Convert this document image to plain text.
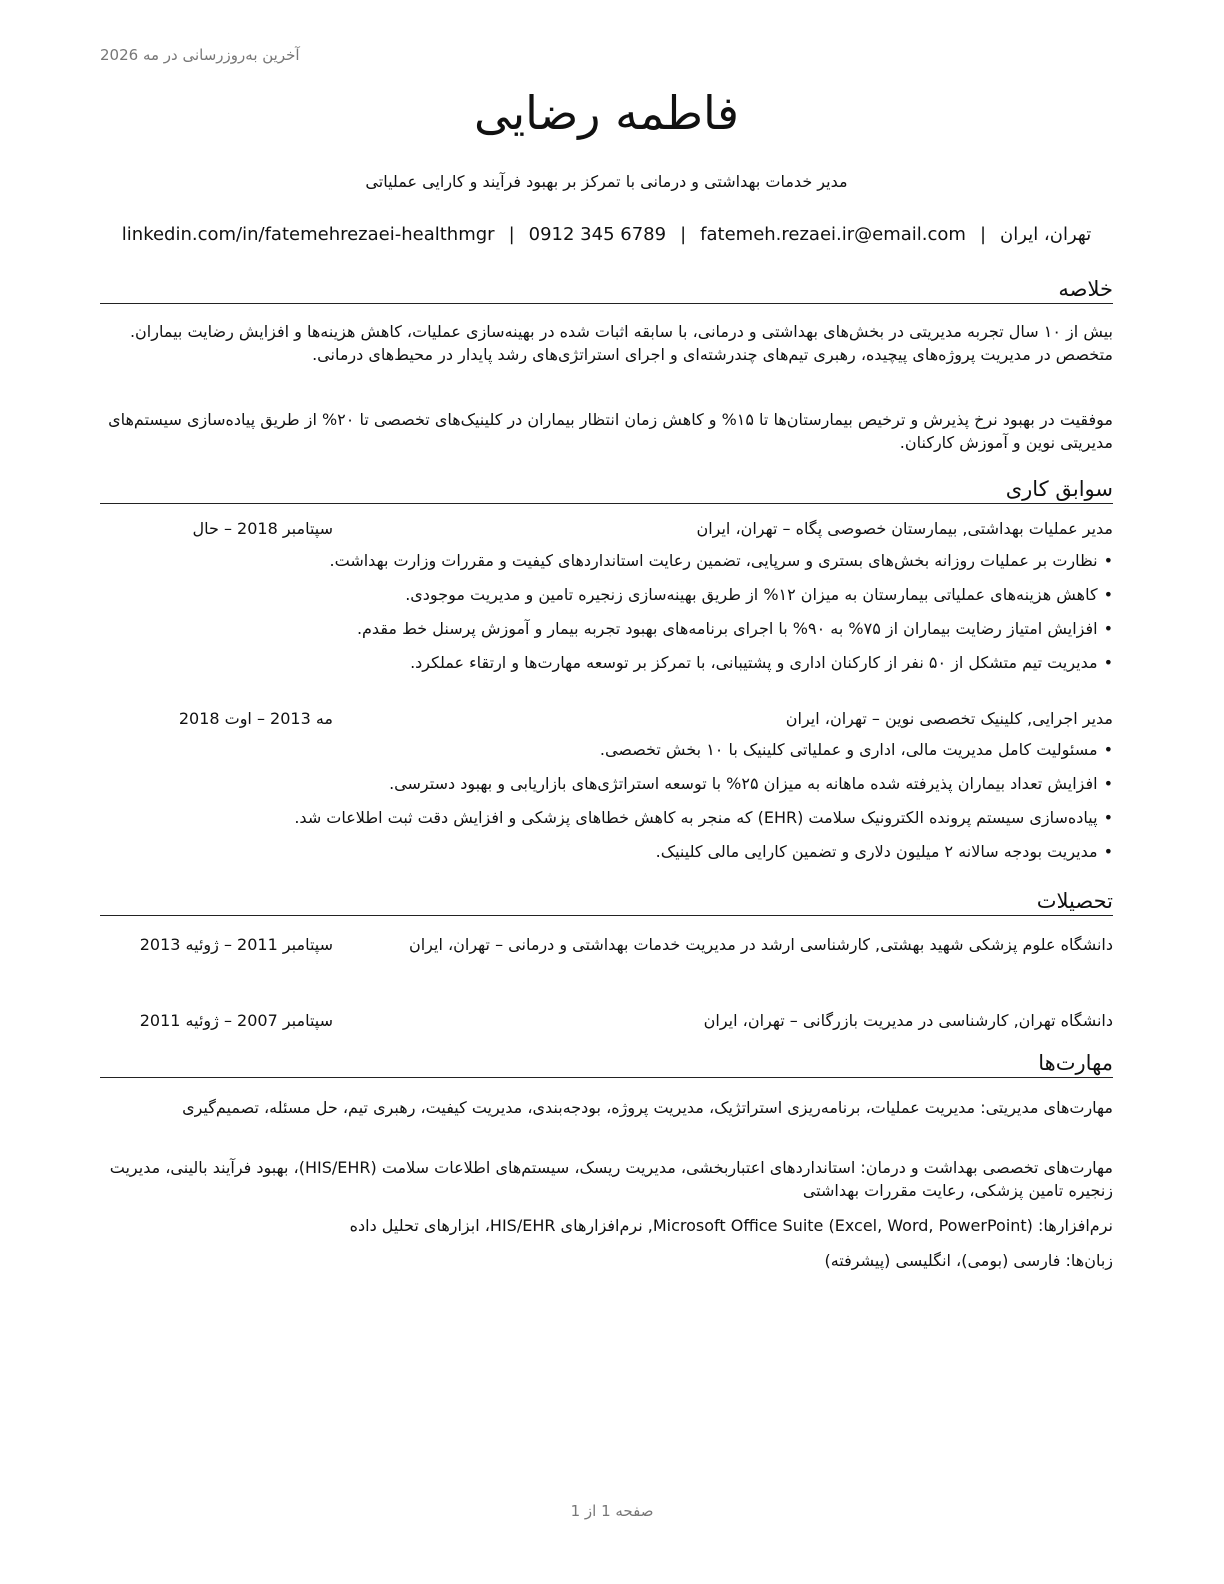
آخرین به‌روزرسانی در مه 2026
فاطمه رضایی
مدیر خدمات بهداشتی و درمانی با تمرکز بر بهبود فرآیند و کارایی عملیاتی
تهران، ایران|fatemeh.rezaei.ir@email.com|0912 345 6789|linkedin.com/in/fatemehrezaei-healthmgr
خلاصه

بیش از ۱۰ سال تجربه مدیریتی در بخش‌های بهداشتی و درمانی، با سابقه اثبات شده در بهینه‌سازی عملیات، کاهش هزینه‌ها و افزایش رضایت بیماران. متخصص در مدیریت پروژه‌های پیچیده، رهبری تیم‌های چندرشته‌ای و اجرای استراتژی‌های رشد پایدار در محیط‌های درمانی.

موفقیت در بهبود نرخ پذیرش و ترخیص بیمارستان‌ها تا ۱۵% و کاهش زمان انتظار بیماران در کلینیک‌های تخصصی تا ۲۰% از طریق پیاده‌سازی سیستم‌های مدیریتی نوین و آموزش کارکنان.

سوابق کاری
مدیر عملیات بهداشتی, بیمارستان خصوصی پگاه – تهران، ایران
سپتامبر 2018 – حال
•نظارت بر عملیات روزانه بخش‌های بستری و سرپایی، تضمین رعایت استانداردهای کیفیت و مقررات وزارت بهداشت.
•کاهش هزینه‌های عملیاتی بیمارستان به میزان ۱۲% از طریق بهینه‌سازی زنجیره تامین و مدیریت موجودی.
•افزایش امتیاز رضایت بیماران از ۷۵% به ۹۰% با اجرای برنامه‌های بهبود تجربه بیمار و آموزش پرسنل خط مقدم.
•مدیریت تیم متشکل از ۵۰ نفر از کارکنان اداری و پشتیبانی، با تمرکز بر توسعه مهارت‌ها و ارتقاء عملکرد.
مدیر اجرایی, کلینیک تخصصی نوین – تهران، ایران
مه 2013 – اوت 2018
•مسئولیت کامل مدیریت مالی، اداری و عملیاتی کلینیک با ۱۰ بخش تخصصی.
•افزایش تعداد بیماران پذیرفته شده ماهانه به میزان ۲۵% با توسعه استراتژی‌های بازاریابی و بهبود دسترسی.
•پیاده‌سازی سیستم پرونده الکترونیک سلامت (EHR) که منجر به کاهش خطاهای پزشکی و افزایش دقت ثبت اطلاعات شد.
•مدیریت بودجه سالانه ۲ میلیون دلاری و تضمین کارایی مالی کلینیک.
تحصیلات
دانشگاه علوم پزشکی شهید بهشتی, کارشناسی ارشد در مدیریت خدمات بهداشتی و درمانی – تهران، ایران
سپتامبر 2011 – ژوئیه 2013
دانشگاه تهران, کارشناسی در مدیریت بازرگانی – تهران، ایران
سپتامبر 2007 – ژوئیه 2011
مهارت‌ها

مهارت‌های مدیریتی: مدیریت عملیات، برنامه‌ریزی استراتژیک، مدیریت پروژه، بودجه‌بندی، مدیریت کیفیت، رهبری تیم، حل مسئله، تصمیم‌گیری

مهارت‌های تخصصی بهداشت و درمان: استانداردهای اعتباربخشی، مدیریت ریسک، سیستم‌های اطلاعات سلامت (HIS/EHR)، بهبود فرآیند بالینی، مدیریت زنجیره تامین پزشکی، رعایت مقررات بهداشتی

نرم‌افزارها: Microsoft Office Suite (Excel, Word, PowerPoint), نرم‌افزارهای HIS/EHR، ابزارهای تحلیل داده

زبان‌ها: فارسی (بومی)، انگلیسی (پیشرفته)

صفحه 1 از 1
